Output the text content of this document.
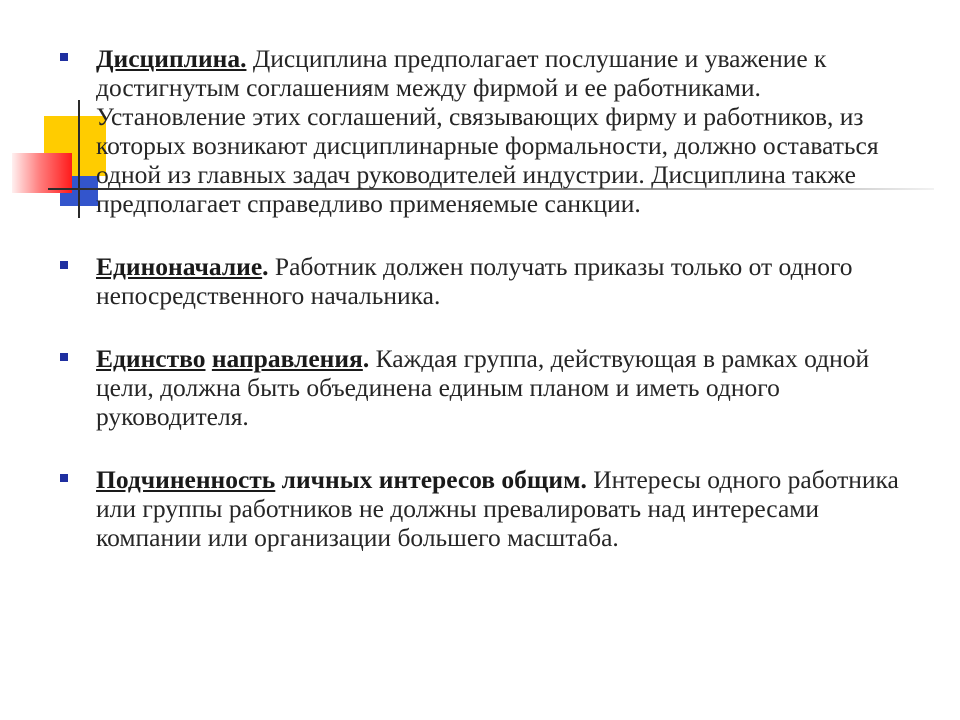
Дисциплина. Дисциплина предполагает послушание и уважение к достигнутым соглашениям между фирмой и ее работниками. Установление этих соглашений, связывающих фирму и работников, из которых возникают дисциплинарные формальности, должно оставаться одной из главных задач руководителей индустрии. Дисциплина также предполагает справедливо применяемые санкции.
Единоначалие. Работник должен получать приказы только от одного непосредственного начальника.
Единство направления. Каждая группа, действующая в рамках одной цели, должна быть объединена единым планом и иметь одного руководителя.
Подчиненность личных интересов общим. Интересы одного работника или группы работников не должны превалировать над интересами компании или организации большего масштаба.
